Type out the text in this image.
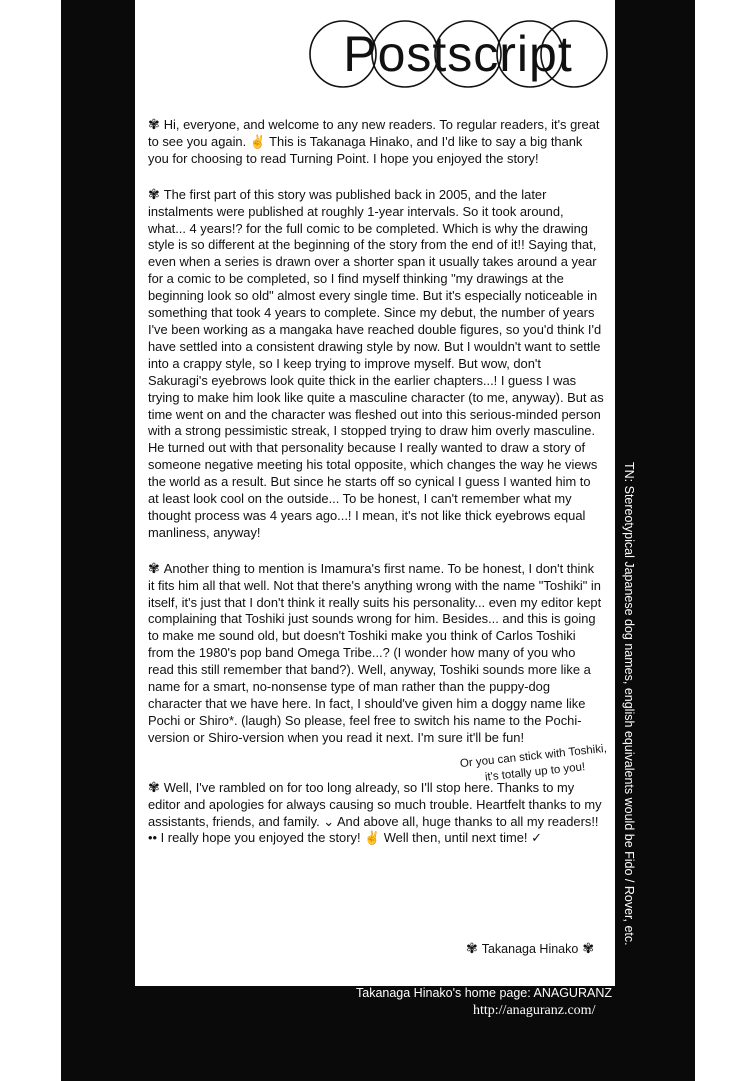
Postscript

✾ Hi, everyone, and welcome to any new readers. To regular readers, it's great to see you again. ✌ This is Takanaga Hinako, and I'd like to say a big thank you for choosing to read Turning Point. I hope you enjoyed the story!

✾ The first part of this story was published back in 2005, and the later instalments were published at roughly 1-year intervals. So it took around, what... 4 years!? for the full comic to be completed. Which is why the drawing style is so different at the beginning of the story from the end of it!! Saying that, even when a series is drawn over a shorter span it usually takes around a year for a comic to be completed, so I find myself thinking "my drawings at the beginning look so old" almost every single time. But it's especially noticeable in something that took 4 years to complete. Since my debut, the number of years I've been working as a mangaka have reached double figures, so you'd think I'd have settled into a consistent drawing style by now. But I wouldn't want to settle into a crappy style, so I keep trying to improve myself. But wow, don't Sakuragi's eyebrows look quite thick in the earlier chapters...! I guess I was trying to make him look like quite a masculine character (to me, anyway). But as time went on and the character was fleshed out into this serious-minded person with a strong pessimistic streak, I stopped trying to draw him overly masculine. He turned out with that personality because I really wanted to draw a story of someone negative meeting his total opposite, which changes the way he views the world as a result. But since he starts off so cynical I guess I wanted him to at least look cool on the outside... To be honest, I can't remember what my thought process was 4 years ago...! I mean, it's not like thick eyebrows equal manliness, anyway!

✾ Another thing to mention is Imamura's first name. To be honest, I don't think it fits him all that well. Not that there's anything wrong with the name "Toshiki" in itself, it's just that I don't think it really suits his personality... even my editor kept complaining that Toshiki just sounds wrong for him. Besides... and this is going to make me sound old, but doesn't Toshiki make you think of Carlos Toshiki from the 1980's pop band Omega Tribe...? (I wonder how many of you who read this still remember that band?). Well, anyway, Toshiki sounds more like a name for a smart, no-nonsense type of man rather than the puppy-dog character that we have here. In fact, I should've given him a doggy name like Pochi or Shiro*. (laugh) So please, feel free to switch his name to the Pochi-version or Shiro-version when you read it next. I'm sure it'll be fun!

✾ Well, I've rambled on for too long already, so I'll stop here. Thanks to my editor and apologies for always causing so much trouble. Heartfelt thanks to my assistants, friends, and family. ⌄ And above all, huge thanks to all my readers!! •• I really hope you enjoyed the story! ✌ Well then, until next time! ✓

Or you can stick with Toshiki, it's totally up to you!
✾ Takanaga Hinako ✾
TN: Stereotypical Japanese dog names, english equivalents would be Fido / Rover, etc.
Takanaga Hinako's home page: ANAGURANZ
http://anaguranz.com/
